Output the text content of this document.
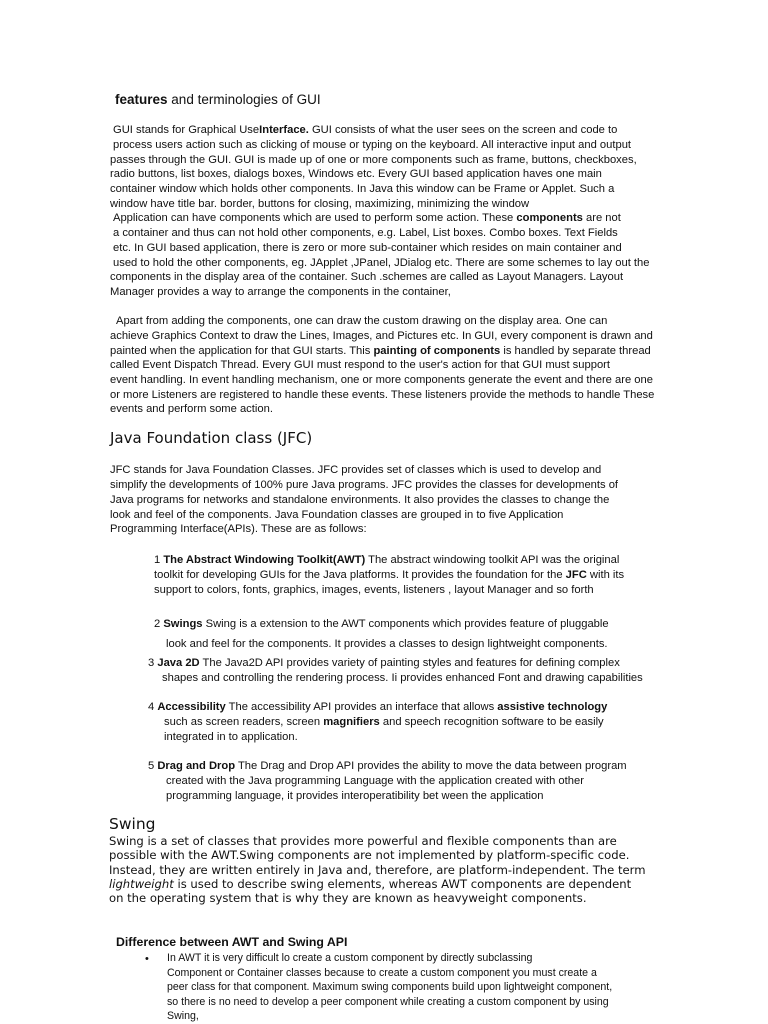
features and terminologies of GUI
GUI stands for Graphical UseInterface. GUI consists of what the user sees on the screen and code to
process users action such as clicking of mouse or typing on the keyboard. All interactive input and output
passes through the GUI. GUI is made up of one or more components such as frame, buttons, checkboxes,
radio buttons, list boxes, dialogs boxes, Windows etc. Every GUI based application haves one main
container window which holds other components. In Java this window can be Frame or Applet. Such a
window have title bar. border, buttons for closing, maximizing, minimizing the window
Application can have components which are used to perform some action. These components are not
a container and thus can not hold other components, e.g. Label, List boxes. Combo boxes. Text Fields
etc. In GUI based application, there is zero or more sub-container which resides on main container and
used to hold the other components, eg. JApplet ,JPanel, JDialog etc. There are some schemes to lay out the
components in the display area of the container. Such .schemes are called as Layout Managers. Layout
Manager provides a way to arrange the components in the container,
Apart from adding the components, one can draw the custom drawing on the display area. One can
achieve Graphics Context to draw the Lines, Images, and Pictures etc. In GUI, every component is drawn and
painted when the application for that GUI starts. This painting of components is handled by separate thread
called Event Dispatch Thread. Every GUI must respond to the user's action for that GUI must support
event handling. In event handling mechanism, one or more components generate the event and there are one
or more Listeners are registered to handle these events. These listeners provide the methods to handle These
events and perform some action.
Java Foundation class (JFC)
JFC stands for Java Foundation Classes. JFC provides set of classes which is used to develop and
simplify the developments of 100% pure Java programs. JFC provides the classes for developments of
Java programs for networks and standalone environments. It also provides the classes to change the
look and feel of the components. Java Foundation classes are grouped in to five Application
Programming Interface(APIs). These are as follows:
1 The Abstract Windowing Toolkit(AWT) The abstract windowing toolkit API was the original
toolkit for developing GUIs for the Java platforms. It provides the foundation for the JFC with its
support to colors, fonts, graphics, images, events, listeners , layout Manager and so forth
2 Swings Swing is a extension to the AWT components which provides feature of pluggable
look and feel for the components. It provides a classes to design lightweight components.
3 Java 2D The Java2D API provides variety of painting styles and features for defining complex
shapes and controlling the rendering process. Ii provides enhanced Font and drawing capabilities
4 Accessibility The accessibility API provides an interface that allows assistive technology
such as screen readers, screen magnifiers and speech recognition software to be easily
integrated in to application.
5 Drag and Drop The Drag and Drop API provides the ability to move the data between program
created with the Java programming Language with the application created with other
programming language, it provides interoperatibility bet ween the application
Swing
Swing is a set of classes that provides more powerful and flexible components than are
possible with the AWT.Swing components are not implemented by platform-specific code.
Instead, they are written entirely in Java and, therefore, are platform-independent. The term
lightweight is used to describe swing elements, whereas AWT components are dependent
on the operating system that is why they are known as heavyweight components.
Difference between AWT and Swing API
• In AWT it is very difficult lo create a custom component by directly subclassing
Component or Container classes because to create a custom component you must create a
peer class for that component. Maximum swing components build upon lightweight component,
so there is no need to develop a peer component while creating a custom component by using
Swing,
